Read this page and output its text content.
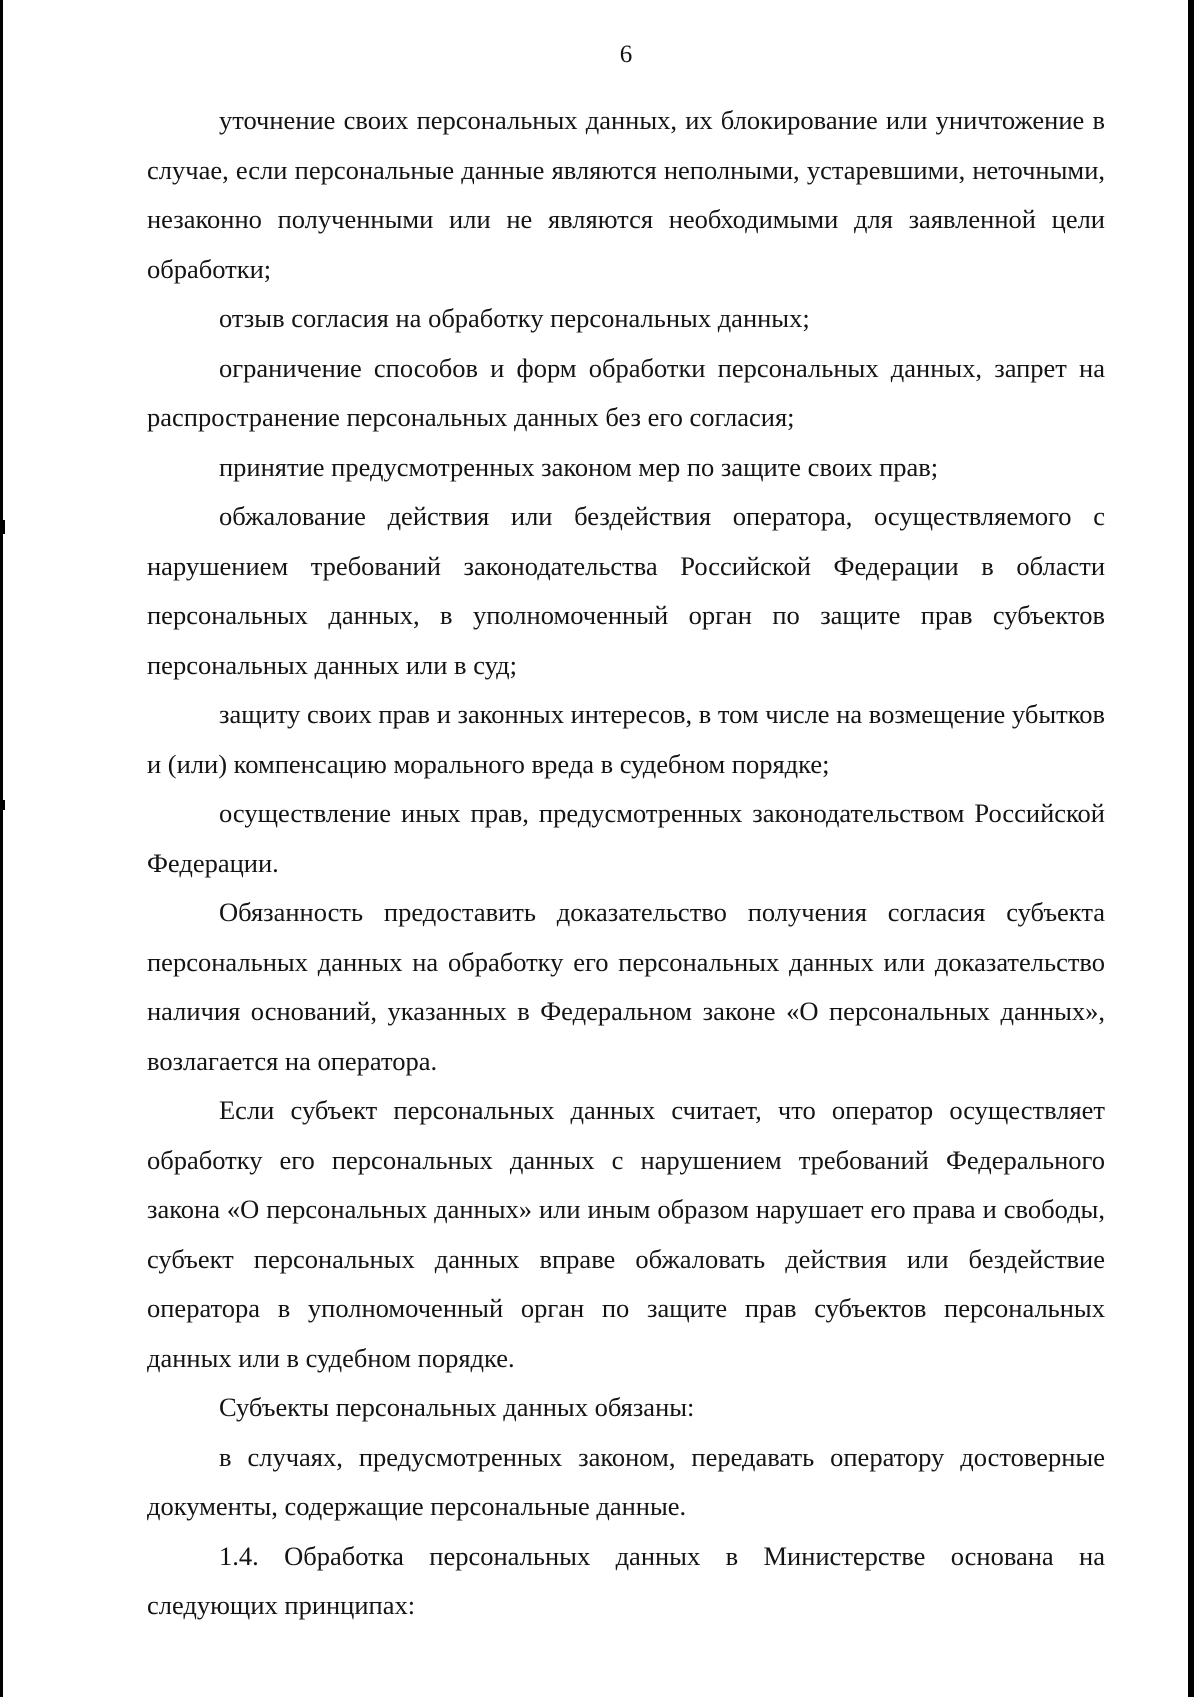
6

уточнение своих персональных данных, их блокирование или уничтожение в случае, если персональные данные являются неполными, устаревшими, неточными, незаконно полученными или не являются необходимыми для заявленной цели обработки;

отзыв согласия на обработку персональных данных;

ограничение способов и форм обработки персональных данных, запрет на распространение персональных данных без его согласия;

принятие предусмотренных законом мер по защите своих прав;

обжалование действия или бездействия оператора, осуществляемого с нарушением требований законодательства Российской Федерации в области персональных данных, в уполномоченный орган по защите прав субъектов персональных данных или в суд;

защиту своих прав и законных интересов, в том числе на возмещение убытков и (или) компенсацию морального вреда в судебном порядке;

осуществление иных прав, предусмотренных законодательством Российской Федерации.

Обязанность предоставить доказательство получения согласия субъекта персональных данных на обработку его персональных данных или доказательство наличия оснований, указанных в Федеральном законе «О персональных данных», возлагается на оператора.

Если субъект персональных данных считает, что оператор осуществляет обработку его персональных данных с нарушением требований Федерального закона «О персональных данных» или иным образом нарушает его права и свободы, субъект персональных данных вправе обжаловать действия или бездействие оператора в уполномоченный орган по защите прав субъектов персональных данных или в судебном порядке.

Субъекты персональных данных обязаны:

в случаях, предусмотренных законом, передавать оператору достоверные документы, содержащие персональные данные.

1.4. Обработка персональных данных в Министерстве основана на следующих принципах:
